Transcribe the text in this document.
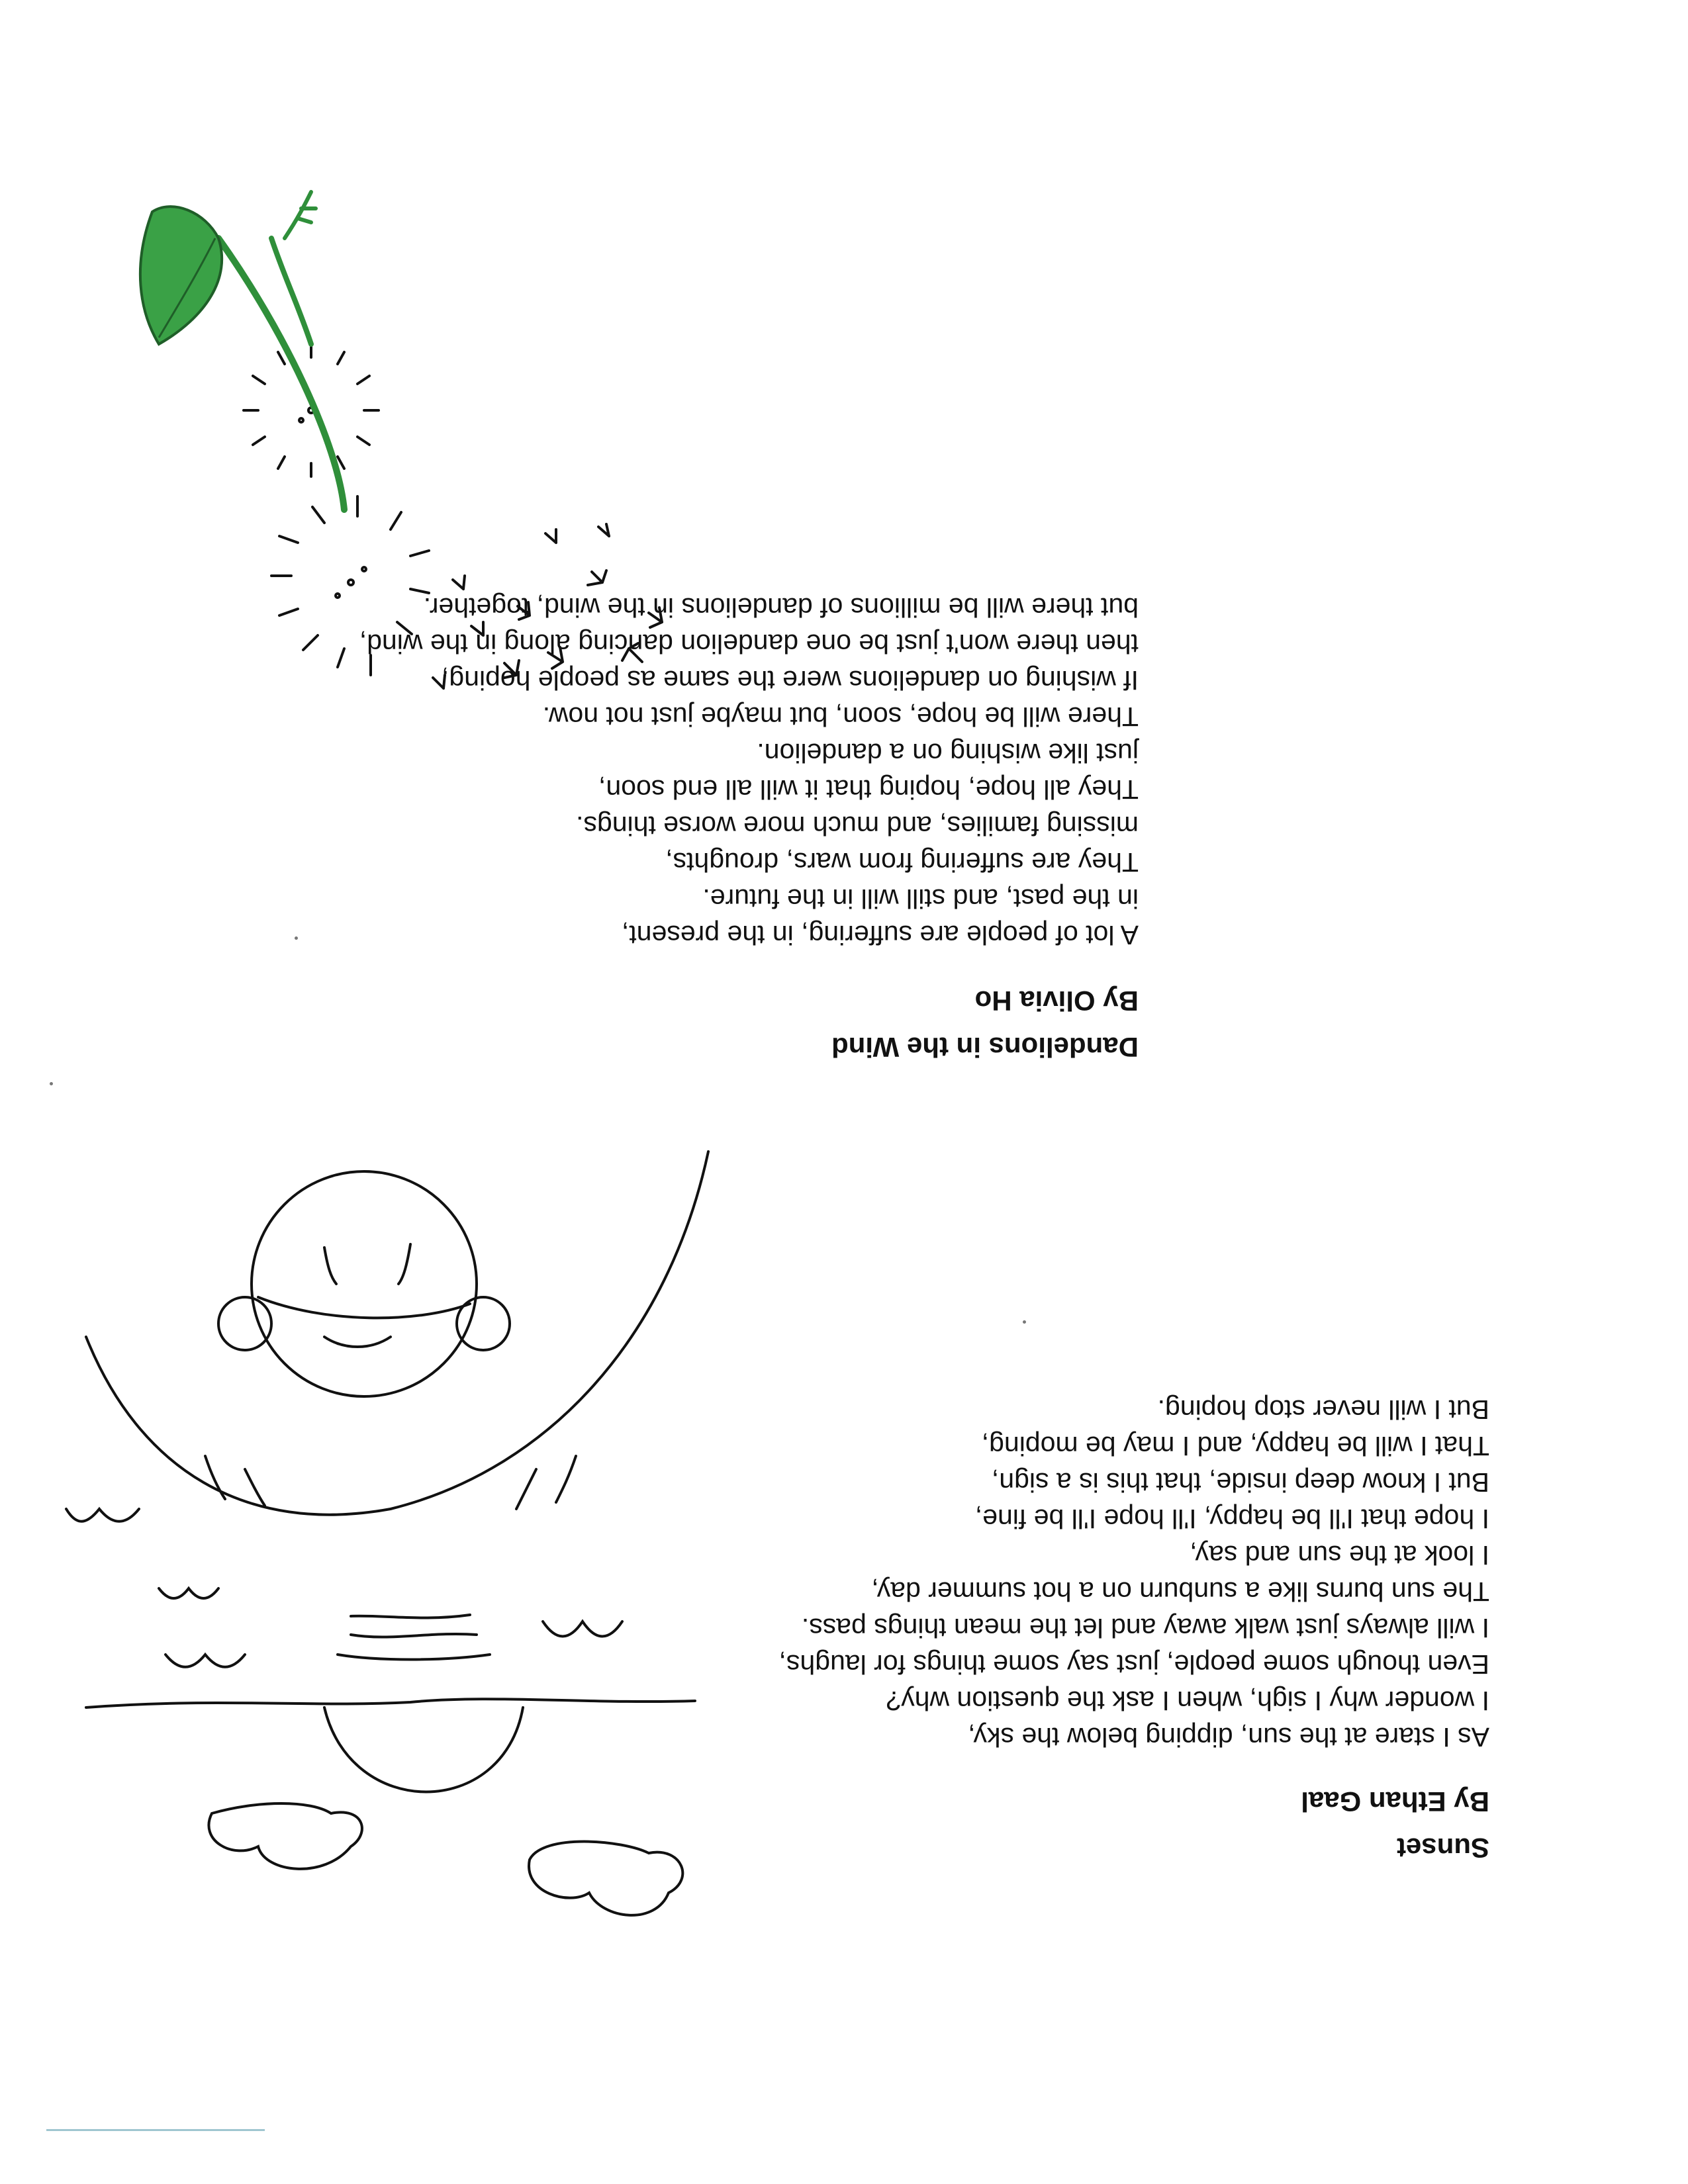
Sunset
By Ethan Gaal
As I stare at the sun, dipping below the sky,
I wonder why I sigh, when I ask the question why?
Even though some people, just say some things for laughs,
I will always just walk away and let the mean things pass.
The sun burns like a sunburn on a hot summer day,
I look at the sun and say,
I hope that I'll be happy, I'll hope I'll be fine,
But I know deep inside, that this is a sign,
That I will be happy, and I may be moping,
But I will never stop hoping.
Dandelions in the Wind
By Olivia Ho
A lot of people are suffering, in the present,
in the past, and still will in the future.
They are suffering from wars, droughts,
missing families, and much more worse things.
They all hope, hoping that it will all end soon,
just like wishing on a dandelion.
There will be hope, soon, but maybe just not now.
If wishing on dandelions were the same as people hoping,
then there won't just be one dandelion dancing along in the wind,
but there will be millions of dandelions in the wind, together.
